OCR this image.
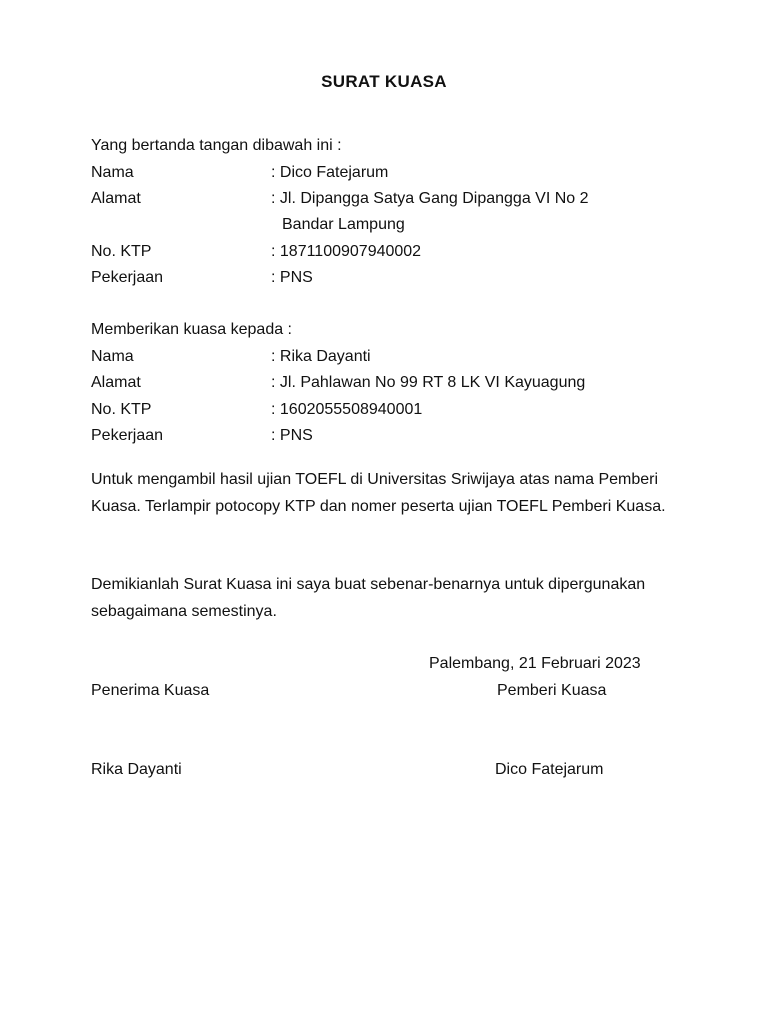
SURAT KUASA
Yang bertanda tangan dibawah ini :
Nama	: Dico Fatejarum
Alamat	: Jl. Dipangga Satya Gang Dipangga VI No 2
Bandar Lampung
No. KTP	: 1871100907940002
Pekerjaan	: PNS
Memberikan kuasa kepada :
Nama	: Rika Dayanti
Alamat	: Jl. Pahlawan No 99 RT 8 LK VI Kayuagung
No. KTP	: 1602055508940001
Pekerjaan	: PNS
Untuk mengambil hasil ujian TOEFL di Universitas Sriwijaya atas nama Pemberi Kuasa. Terlampir potocopy KTP dan nomer peserta ujian TOEFL Pemberi Kuasa.
Demikianlah Surat Kuasa ini saya buat sebenar-benarnya untuk dipergunakan sebagaimana semestinya.
Palembang, 21 Februari 2023
Penerima Kuasa	Pemberi Kuasa
Rika Dayanti	Dico Fatejarum
